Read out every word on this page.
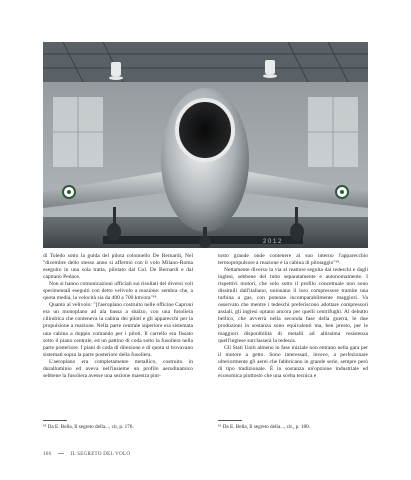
2 0 1 2

di Toledo sotto la guida del pilota colonnello De Bernardi, Nel "dicembre dello stesso anno si affermò con il volo Milano-Roma eseguito in una sola tratta, pilotato dal Col. De Bernardi e dal capitano Pedace.

Non si hanno comunicazioni ufficiali sui risultati dei diversi voli sperimentali eseguiti con detto velivolo a reazione: sembra che, a quota media, la velocità sia da 400 a 700 km/ora"¹⁸.

Quanto al velivolo: "[l'aeroplano costruito nelle officine Caproni era un monoplano ad ala bassa a sbalzo, con una fusoliera cilindrica che conteneva la cabina dei piloti e gli apparecchi per la propulsione a reazione. Nella parte centrale superiore era sistemata una cabina a doppio comando per i piloti. Il carrello era fissato sotto il piano centrale, ed un pattino di coda sotto la fusoliera nella parte posteriore. I piani di coda di direzione e di quota si trovavano sistemati sopra la parte posteriore della fusoliera.

L'aeroplano era completamente metallico, costruito in duralluminio ed aveva nell'insieme un profilo aerodinamico sebbene la fusoliera avesse una sezione maestra piut-

tosto grande onde contenere al suo interno l'apparecchio termopropulsore a reazione e la cabina di pilotaggio"¹⁹.

Nettamente diverso la via al reattore seguita dai tedeschi e dagli inglesi, sebbene del tutto separatamente e autonomamente. I rispettivi motori, che solo sotto il profilo concettuale non sono dissimili dall'italiano, unionano il loro compressore tramite una turbina a gas, con potenze incomparabilmente maggiori. Va osservato che mentre i tedeschi preferiscono adottare compressori assiali, gli inglesi optano ancora per quelli centrifughi. Al debutto bellico, che avverrà nella seconda fase della guerra, le due produzioni in sostanza sono equivalenti ma, ben presto, per le maggiori disponibilità di metalli ad altissima resistenza quell'inglese surclasserà la tedesca.

Gli Stati Uniti almeno in fase iniziale non entrano nella gara per il motore a getto. Sono interessati, invece, a perfezionare ulteriormente gli aerei che fabbricano in grande serie, sempre però di tipo tradizionale. È in sostanza un'opzione industriale ed economica piuttosto che una scelta tecnica e

¹⁸ Da E. Bella, Il segreto della..., cit, p. 176.	¹⁹ Da E. Bella, Il segreto della..., cit., p. 180.
166	IL SEGRETO DEL VOLO
